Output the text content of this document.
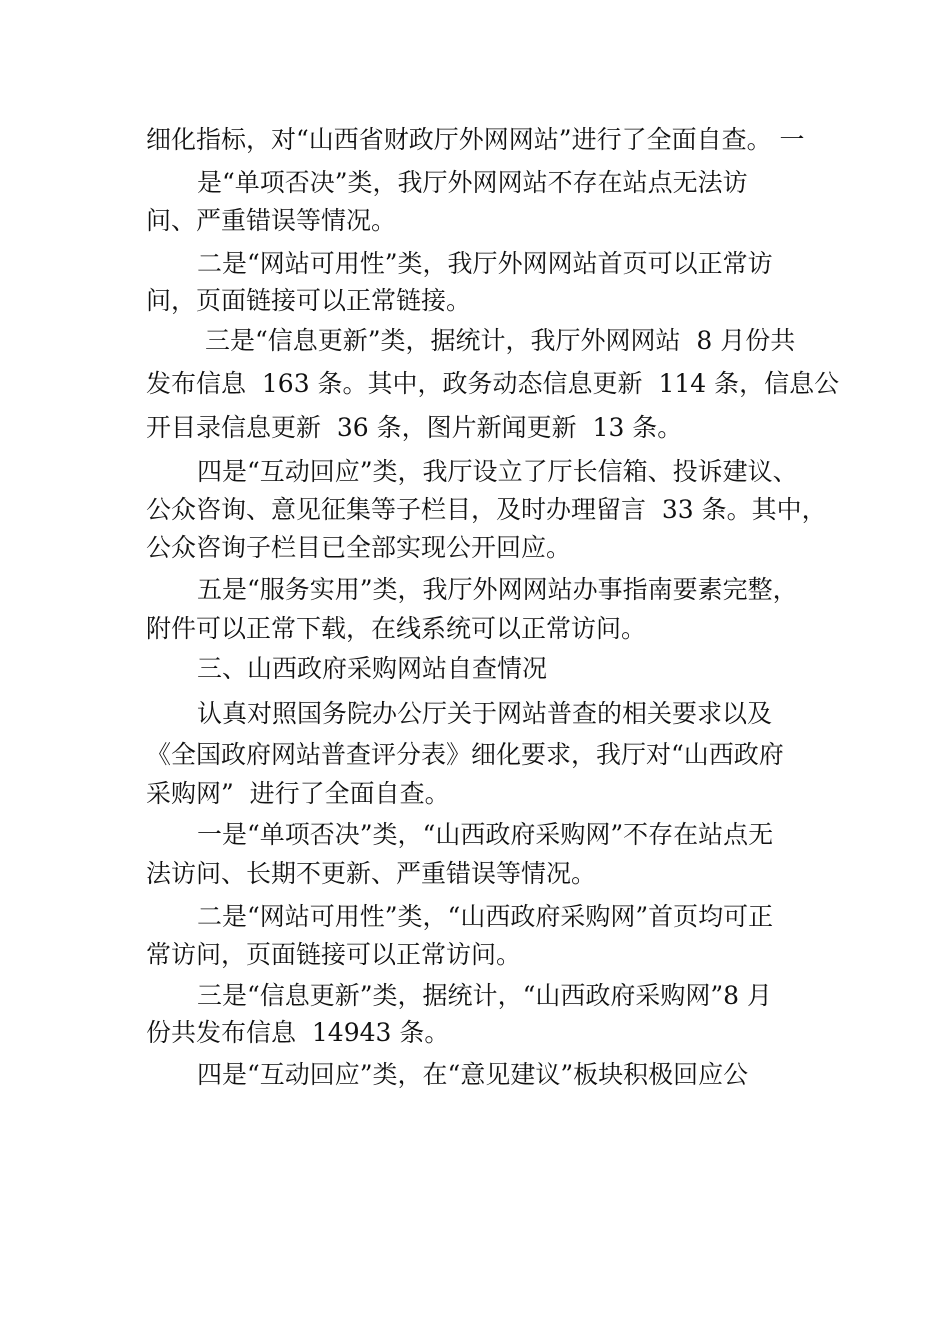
细化指标，对“山西省财政厅外网网站”进行了全面自查。 一
是“单项否决”类，我厅外网网站不存在站点无法访
问、严重错误等情况。
二是“网站可用性”类，我厅外网网站首页可以正常访
问，页面链接可以正常链接。
三是“信息更新”类，据统计，我厅外网网站  8 月份共
发布信息  163 条。其中，政务动态信息更新  114 条，信息公
开目录信息更新  36 条，图片新闻更新  13 条。
四是“互动回应”类，我厅设立了厅长信箱、投诉建议、
公众咨询、意见征集等子栏目，及时办理留言  33 条。其中，
公众咨询子栏目已全部实现公开回应。
五是“服务实用”类，我厅外网网站办事指南要素完整，
附件可以正常下载，在线系统可以正常访问。
三、山西政府采购网站自查情况
认真对照国务院办公厅关于网站普查的相关要求以及
《全国政府网站普查评分表》细化要求，我厅对“山西政府
采购网”  进行了全面自查。
一是“单项否决”类，“山西政府采购网”不存在站点无
法访问、长期不更新、严重错误等情况。
二是“网站可用性”类，“山西政府采购网”首页均可正
常访问，页面链接可以正常访问。
三是“信息更新”类，据统计，“山西政府采购网”8 月
份共发布信息  14943 条。
四是“互动回应”类，在“意见建议”板块积极回应公
